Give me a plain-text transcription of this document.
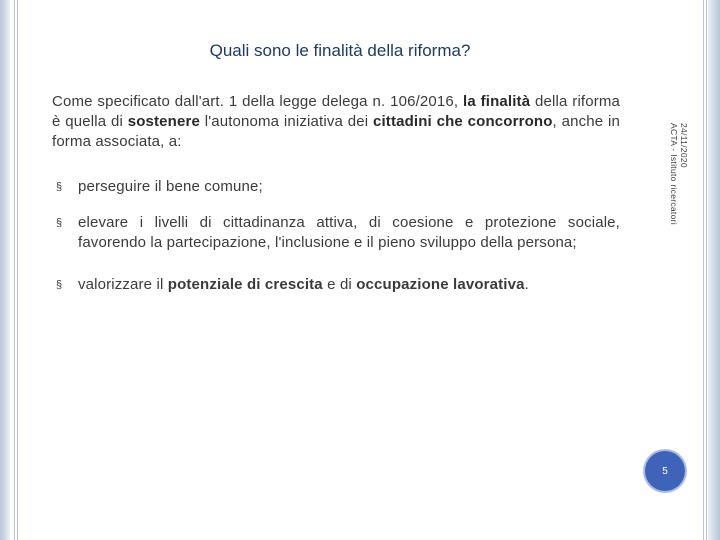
Quali sono le finalità della riforma?

Come specificato dall'art. 1 della legge delega n. 106/2016, la finalità della riforma è quella di sostenere l'autonoma iniziativa dei cittadini che concorrono, anche in forma associata, a:

§ perseguire il bene comune;
§ elevare i livelli di cittadinanza attiva, di coesione e protezione sociale, favorendo la partecipazione, l'inclusione e il pieno sviluppo della persona;
§ valorizzare il potenziale di crescita e di occupazione lavorativa.
24/11/2020
ACTA - Istituto ricercatori
5
